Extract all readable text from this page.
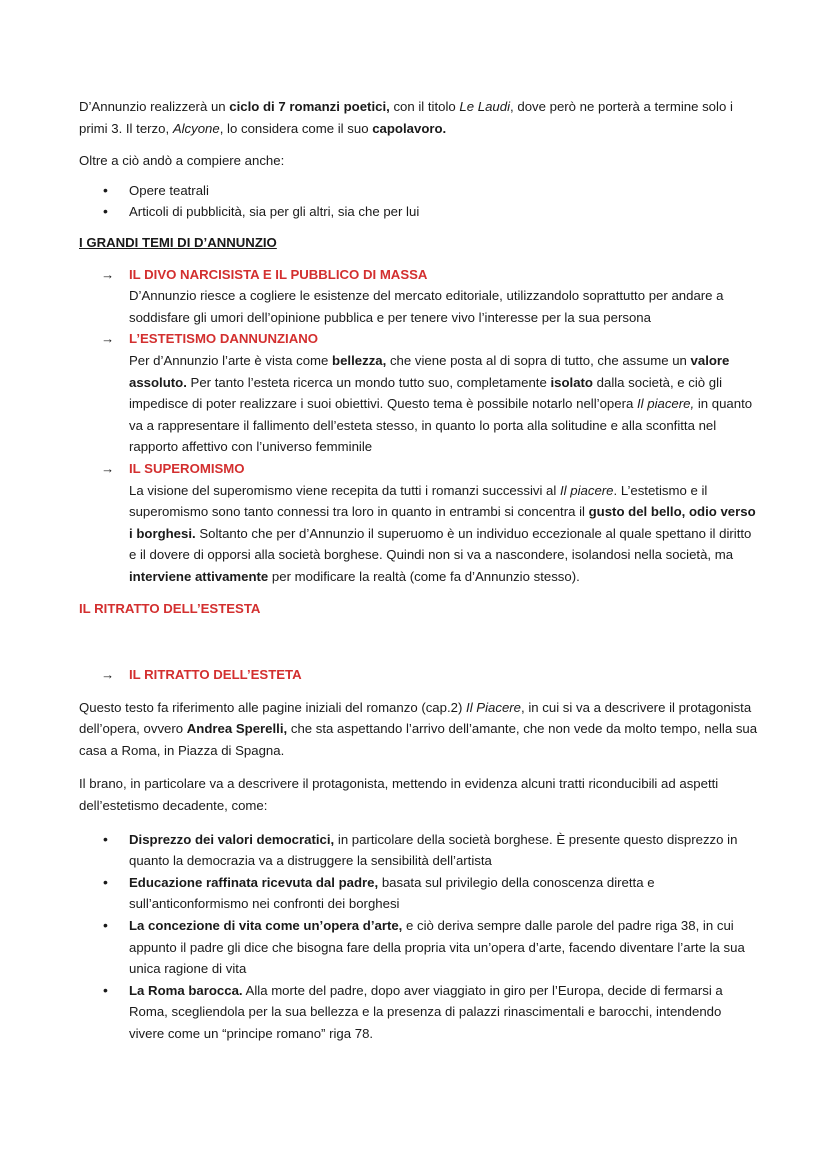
D’Annunzio realizzerà un ciclo di 7 romanzi poetici, con il titolo Le Laudi, dove però ne porterà a termine solo i primi 3. Il terzo, Alcyone, lo considera come il suo capolavoro.

Oltre a ciò andò a compiere anche:

• Opere teatrali
• Articoli di pubblicità, sia per gli altri, sia che per lui

I GRANDI TEMI DI D’ANNUNZIO

→ IL DIVO NARCISISTA E IL PUBBLICO DI MASSA
D’Annunzio riesce a cogliere le esistenze del mercato editoriale, utilizzandolo soprattutto per andare a soddisfare gli umori dell’opinione pubblica e per tenere vivo l’interesse per la sua persona
→ L’ESTETISMO DANNUNZIANO
Per d’Annunzio l’arte è vista come bellezza, che viene posta al di sopra di tutto, che assume un valore assoluto. Per tanto l’esteta ricerca un mondo tutto suo, completamente isolato dalla società, e ciò gli impedisce di poter realizzare i suoi obiettivi. Questo tema è possibile notarlo nell’opera Il piacere, in quanto va a rappresentare il fallimento dell’esteta stesso, in quanto lo porta alla solitudine e alla sconfitta nel rapporto affettivo con l’universo femminile
→ IL SUPEROMISMO
La visione del superomismo viene recepita da tutti i romanzi successivi al Il piacere. L’estetismo e il superomismo sono tanto connessi tra loro in quanto in entrambi si concentra il gusto del bello, odio verso i borghesi. Soltanto che per d’Annunzio il superuomo è un individuo eccezionale al quale spettano il diritto e il dovere di opporsi alla società borghese. Quindi non si va a nascondere, isolandosi nella società, ma interviene attivamente per modificare la realtà (come fa d’Annunzio stesso).

IL RITRATTO DELL’ESTESTA

→ IL RITRATTO DELL’ESTETA

Questo testo fa riferimento alle pagine iniziali del romanzo (cap.2) Il Piacere, in cui si va a descrivere il protagonista dell’opera, ovvero Andrea Sperelli, che sta aspettando l’arrivo dell’amante, che non vede da molto tempo, nella sua casa a Roma, in Piazza di Spagna.

Il brano, in particolare va a descrivere il protagonista, mettendo in evidenza alcuni tratti riconducibili ad aspetti dell’estetismo decadente, come:

• Disprezzo dei valori democratici, in particolare della società borghese. È presente questo disprezzo in quanto la democrazia va a distruggere la sensibilità dell’artista
• Educazione raffinata ricevuta dal padre, basata sul privilegio della conoscenza diretta e sull’anticonformismo nei confronti dei borghesi
• La concezione di vita come un’opera d’arte, e ciò deriva sempre dalle parole del padre riga 38, in cui appunto il padre gli dice che bisogna fare della propria vita un’opera d’arte, facendo diventare l’arte la sua unica ragione di vita
• La Roma barocca. Alla morte del padre, dopo aver viaggiato in giro per l’Europa, decide di fermarsi a Roma, scegliendola per la sua bellezza e la presenza di palazzi rinascimentali e barocchi, intendendo vivere come un “principe romano” riga 78.
